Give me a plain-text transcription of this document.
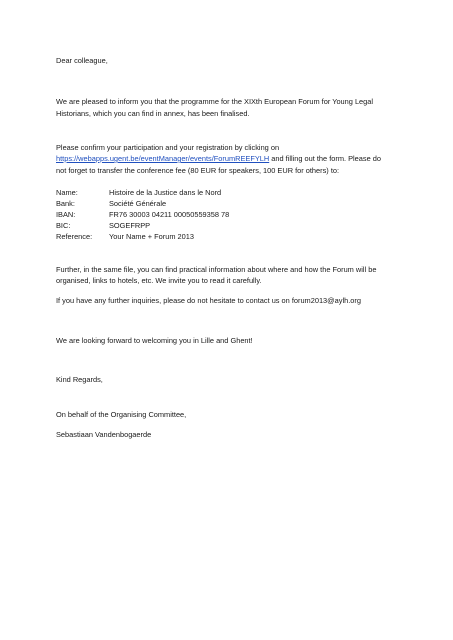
Dear colleague,
We are pleased to inform you that the programme for the XIXth European Forum for Young Legal
Historians, which you can find in annex, has been finalised.
Please confirm your participation and your registration by clicking on
https://webapps.ugent.be/eventManager/events/ForumREEFYLH and filling out the form. Please do
not forget to transfer the conference fee (80 EUR for speakers, 100 EUR for others) to:
Name:	Histoire de la Justice dans le Nord
Bank:	Société Générale
IBAN:	FR76 30003 04211 00050559358 78
BIC:	SOGEFRPP
Reference: Your Name + Forum 2013
Further, in the same file, you can find practical information about where and how the Forum will be
organised, links to hotels, etc. We invite you to read it carefully.
If you have any further inquiries, please do not hesitate to contact us on forum2013@aylh.org
We are looking forward to welcoming you in Lille and Ghent!
Kind Regards,
On behalf of the Organising Committee,
Sebastiaan Vandenbogaerde
